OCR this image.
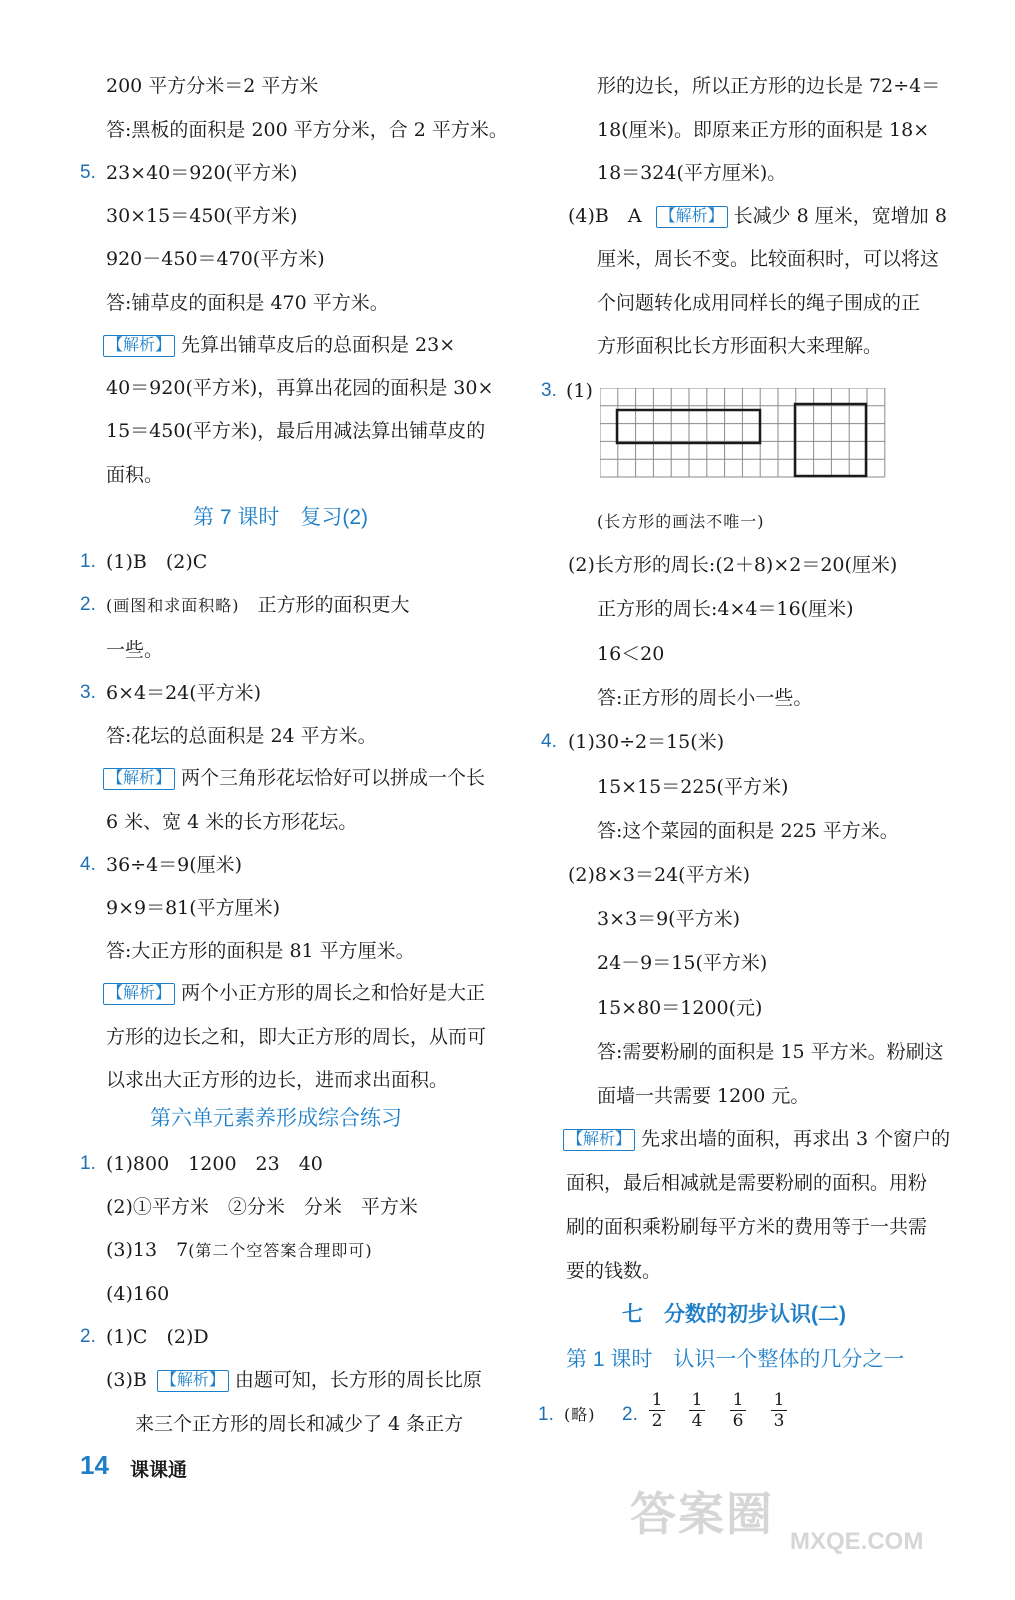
200 平方分米＝2 平方米
答:黑板的面积是 200 平方分米，合 2 平方米。
5. 23×40＝920(平方米)
30×15＝450(平方米)
920－450＝470(平方米)
答:铺草皮的面积是 470 平方米。
【解析】 先算出铺草皮后的总面积是 23×
40＝920(平方米)，再算出花园的面积是 30×
15＝450(平方米)，最后用减法算出铺草皮的
面积。
第 7 课时　复习(2)
1. (1)B　(2)C
2. (画图和求面积略) 正方形的面积更大
一些。
3. 6×4＝24(平方米)
答:花坛的总面积是 24 平方米。
【解析】 两个三角形花坛恰好可以拼成一个长
6 米、宽 4 米的长方形花坛。
4. 36÷4＝9(厘米)
9×9＝81(平方厘米)
答:大正方形的面积是 81 平方厘米。
【解析】 两个小正方形的周长之和恰好是大正
方形的边长之和，即大正方形的周长，从而可
以求出大正方形的边长，进而求出面积。
第六单元素养形成综合练习
1. (1)800　1200　23　40
(2)①平方米　②分米　分米　平方米
(3)13　7(第二个空答案合理即可)
(4)160
2. (1)C　(2)D
(3)B 【解析】 由题可知，长方形的周长比原
来三个正方形的周长和减少了 4 条正方
形的边长，所以正方形的边长是 72÷4＝
18(厘米)。即原来正方形的面积是 18×
18＝324(平方厘米)。
(4)B　A 【解析】 长减少 8 厘米，宽增加 8
厘米，周长不变。比较面积时，可以将这
个问题转化成用同样长的绳子围成的正
方形面积比长方形面积大来理解。
3. (1)
(长方形的画法不唯一)
(2)长方形的周长:(2＋8)×2＝20(厘米)
正方形的周长:4×4＝16(厘米)
16＜20
答:正方形的周长小一些。
4. (1)30÷2＝15(米)
15×15＝225(平方米)
答:这个菜园的面积是 225 平方米。
(2)8×3＝24(平方米)
3×3＝9(平方米)
24－9＝15(平方米)
15×80＝1200(元)
答:需要粉刷的面积是 15 平方米。粉刷这
面墙一共需要 1200 元。
【解析】 先求出墙的面积，再求出 3 个窗户的
面积，最后相减就是需要粉刷的面积。用粉
刷的面积乘粉刷每平方米的费用等于一共需
要的钱数。
七　分数的初步认识(二)
第 1 课时　认识一个整体的几分之一
1. (略) 2.
1
2
1
4
1
6
1
3
14 课课通
答案圈
MXQE.COM
